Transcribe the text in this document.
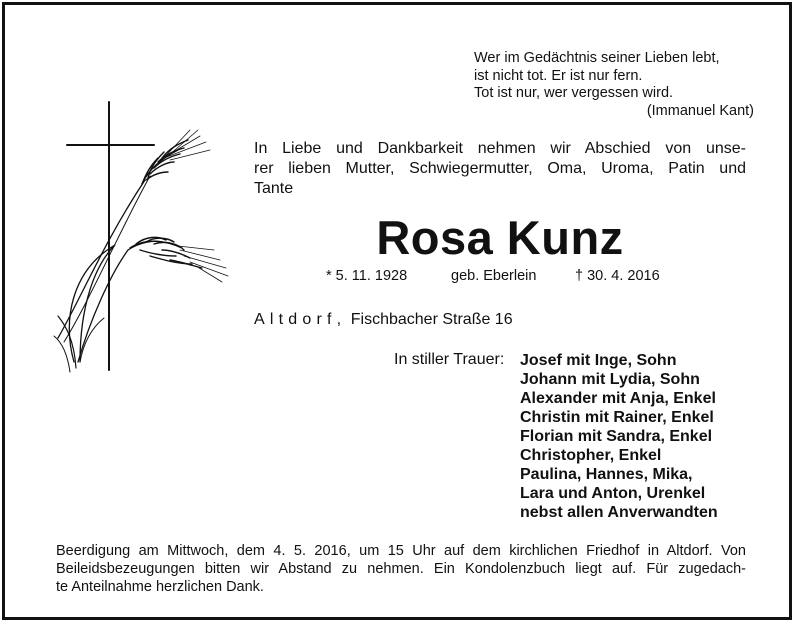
Wer im Gedächtnis seiner Lieben lebt,
ist nicht tot. Er ist nur fern.
Tot ist nur, wer vergessen wird.
(Immanuel Kant)
In Liebe und Dankbarkeit nehmen wir Abschied von unse-
rer lieben Mutter, Schwiegermutter, Oma, Uroma, Patin und
Tante
Rosa Kunz
* 5. 11. 1928	geb. Eberlein	† 30. 4. 2016
Altdorf, Fischbacher Straße 16
In stiller Trauer: Josef mit Inge, Sohn
Johann mit Lydia, Sohn
Alexander mit Anja, Enkel
Christin mit Rainer, Enkel
Florian mit Sandra, Enkel
Christopher, Enkel
Paulina, Hannes, Mika,
Lara und Anton, Urenkel
nebst allen Anverwandten
Beerdigung am Mittwoch, dem 4. 5. 2016, um 15 Uhr auf dem kirchlichen Friedhof in Altdorf. Von
Beileidsbezeugungen bitten wir Abstand zu nehmen. Ein Kondolenzbuch liegt auf. Für zugedach-
te Anteilnahme herzlichen Dank.
